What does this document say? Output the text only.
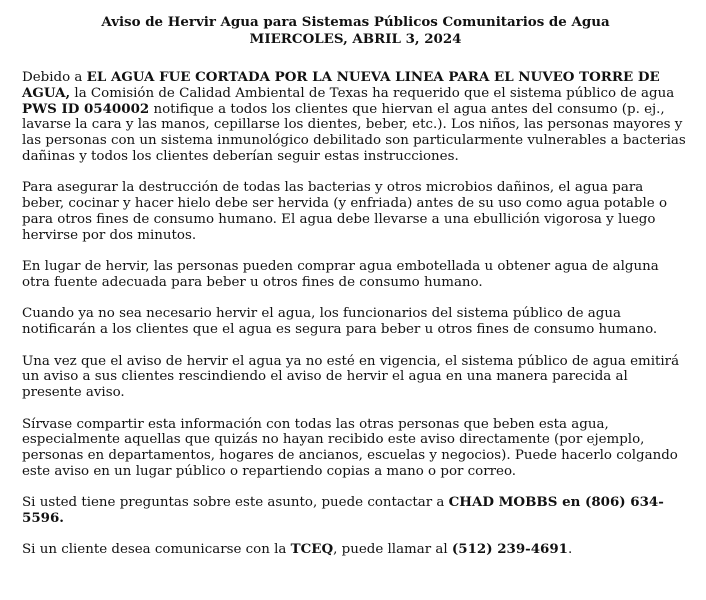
Aviso de Hervir Agua para Sistemas Públicos Comunitarios de Agua
MIERCOLES, ABRIL 3, 2024

Debido a EL AGUA FUE CORTADA POR LA NUEVA LINEA PARA EL NUVEO TORRE DE AGUA, la Comisión de Calidad Ambiental de Texas ha requerido que el sistema público de agua PWS ID 0540002 notifique a todos los clientes que hiervan el agua antes del consumo (p. ej., lavarse la cara y las manos, cepillarse los dientes, beber, etc.). Los niños, las personas mayores y las personas con un sistema inmunológico debilitado son particularmente vulnerables a bacterias dañinas y todos los clientes deberían seguir estas instrucciones.

Para asegurar la destrucción de todas las bacterias y otros microbios dañinos, el agua para beber, cocinar y hacer hielo debe ser hervida (y enfriada) antes de su uso como agua potable o para otros fines de consumo humano. El agua debe llevarse a una ebullición vigorosa y luego hervirse por dos minutos.

En lugar de hervir, las personas pueden comprar agua embotellada u obtener agua de alguna otra fuente adecuada para beber u otros fines de consumo humano.

Cuando ya no sea necesario hervir el agua, los funcionarios del sistema público de agua notificarán a los clientes que el agua es segura para beber u otros fines de consumo humano.

Una vez que el aviso de hervir el agua ya no esté en vigencia, el sistema público de agua emitirá un aviso a sus clientes rescindiendo el aviso de hervir el agua en una manera parecida al presente aviso.

Sírvase compartir esta información con todas las otras personas que beben esta agua, especialmente aquellas que quizás no hayan recibido este aviso directamente (por ejemplo, personas en departamentos, hogares de ancianos, escuelas y negocios). Puede hacerlo colgando este aviso en un lugar público o repartiendo copias a mano o por correo.

Si usted tiene preguntas sobre este asunto, puede contactar a CHAD MOBBS en (806) 634-5596.

Si un cliente desea comunicarse con la TCEQ, puede llamar al (512) 239-4691.
